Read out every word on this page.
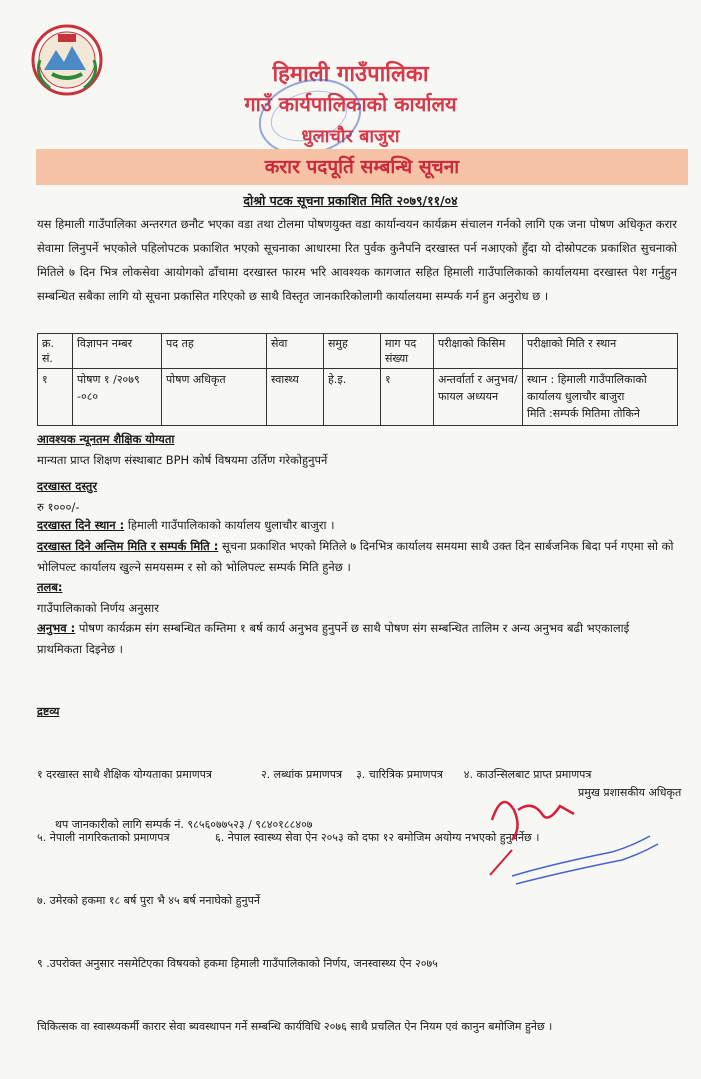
हिमाली गाउँपालिका
गाउँ कार्यपालिकाको कार्यालय
धुलाचौर बाजुरा
करार पदपूर्ति सम्बन्धि सूचना
दोश्रो पटक सूचना प्रकाशित मिति २०७९/११/०४
यस हिमाली गाउँपालिका अन्तरगत छनौट भएका वडा तथा टोलमा पोषणयुक्त वडा कार्यान्वयन कार्यक्रम संचालन गर्नको लागि एक जना पोषण अधिकृत करार सेवामा लिनुपर्ने भएकोले पहिलोपटक प्रकाशित भएको सूचनाका आधारमा रित पुर्वक कुनैपनि दरखास्त पर्न नआएको हुँदा यो दोस्रोपटक प्रकाशित सुचनाको मितिले ७ दिन भित्र लोकसेवा आयोगको ढाँचामा दरखास्त फारम भरि आवश्यक कागजात सहित हिमाली गाउँपालिकाको कार्यालयमा दरखास्त पेश गर्नुहुन सम्बन्धित सबैका लागि यो सूचना प्रकासित गरिएको छ साथै विस्तृत जानकारिकोलागी कार्यालयमा सम्पर्क गर्न हुन अनुरोध छ ।
क्र. सं.	विज्ञापन नम्बर	पद तह	सेवा	समुह	माग पद संख्या	परीक्षाको किसिम	परीक्षाको मिति र स्थान
१	पोषण १ /२०७९ -०८०	पोषण अधिकृत	स्वास्थ्य	हे.इ.	१	अन्तर्वार्ता र अनुभव/फायल अध्ययन	स्थान : हिमाली गाउँपालिकाको कार्यालय धुलाचौर बाजुरा
मिति :सम्पर्क मितिमा तोकिने
आवश्यक न्यूनतम शैक्षिक योग्यता
मान्यता प्राप्त शिक्षण संस्थाबाट BPH कोर्ष विषयमा उर्तिण गरेकोहुनुपर्ने
दरखास्त दस्तुर
रु १०००/-
दरखास्त दिने स्थान : हिमाली गाउँपालिकाको कार्यालय धुलाचौर बाजुरा ।
दरखास्त दिने अन्तिम मिति र सम्पर्क मिति : सूचना प्रकाशित भएको मितिले ७ दिनभित्र कार्यालय समयमा साथै उक्त दिन सार्बजनिक बिदा पर्न गएमा सो को भोलिपल्ट कार्यालय खुल्ने समयसम्म र सो को भोलिपल्ट सम्पर्क मिति हुनेछ ।
तलब:
गाउँपालिकाको निर्णय अनुसार
अनुभव : पोषण कार्यक्रम संग सम्बन्धित कम्तिमा १ बर्ष कार्य अनुभव हुनुपर्ने छ साथै पोषण संग सम्बन्धित तालिम र अन्य अनुभव बढी भएकालाई प्राथमिकता दिइनेछ ।

द्रष्टव्य

१ दरखास्त साथै शैक्षिक योग्यताका प्रमाणपत्र              २. लब्धांक प्रमाणपत्र    ३. चारित्रिक प्रमाणपत्र      ४. काउन्सिलबाट प्राप्त प्रमाणपत्र

५. नेपाली नागरिकताको प्रमाणपत्र             ६. नेपाल स्वास्थ्य सेवा ऐन २०५३ को दफा १२ बमोजिम अयोग्य नभएको हुनुपर्नेछ ।

७. उमेरको हकमा १८ बर्ष पुरा भै ४५ बर्ष ननाघेको हुनुपर्ने

९ .उपरोक्त अनुसार नसमेटिएका विषयको हकमा हिमाली गाउँपालिकाको निर्णय, जनस्वास्थ्य ऐन २०७५

चिकित्सक वा स्वास्थ्यकर्मी कारार सेवा ब्यवस्थापन गर्ने सम्बन्धि कार्यविधि २०७६ साथै प्रचलित ऐन नियम एवं कानुन बमोजिम हुनेछ ।

प्रमुख प्रशासकीय अधिकृत
थप जानकारीको लागि सम्पर्क नं. ९८५६०७७५२३ / ९८४०१८८४०७
